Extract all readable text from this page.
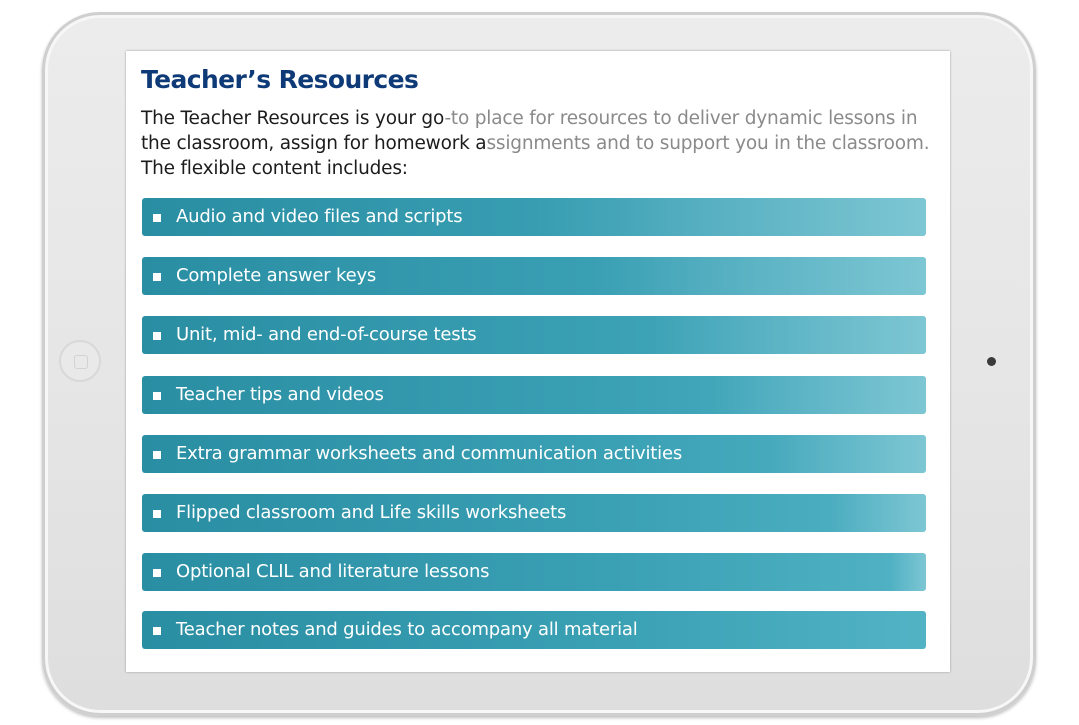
Teacher’s Resources

The Teacher Resources is your go-to place for resources to deliver dynamic lessons in
the classroom, assign for homework assignments and to support you in the classroom.
The flexible content includes:

Audio and video files and scripts
Complete answer keys
Unit, mid- and end-of-course tests
Teacher tips and videos
Extra grammar worksheets and communication activities
Flipped classroom and Life skills worksheets
Optional CLIL and literature lessons
Teacher notes and guides to accompany all material
